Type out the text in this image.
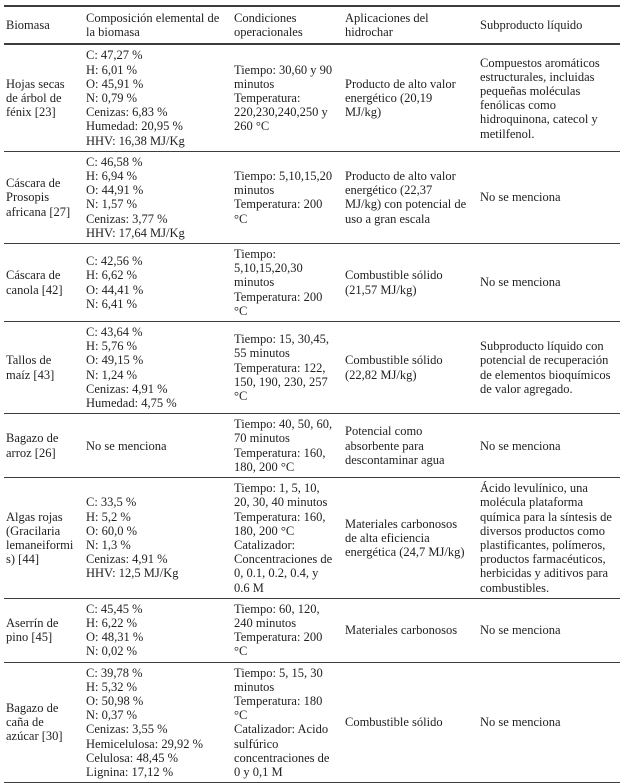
Biomasa	Composición elemental de la biomasa	Condiciones operacionales	Aplicaciones del hidrochar	Subproducto líquido
Hojas secas de árbol de fénix [23]	C: 47,27 %
H: 6,01 %
O: 45,91 %
N: 0,79 %
Cenizas: 6,83 %
Humedad: 20,95 %
HHV: 16,38 MJ/Kg	Tiempo: 30,60 y 90 minutos
Temperatura: 220,230,240,250 y 260 °C	Producto de alto valor energético (20,19 MJ/kg)	Compuestos aromáticos estructurales, incluidas pequeñas moléculas fenólicas como hidroquinona, catecol y metilfenol.
Cáscara de Prosopis africana [27]	C: 46,58 %
H: 6,94 %
O: 44,91 %
N: 1,57 %
Cenizas: 3,77 %
HHV: 17,64 MJ/Kg	Tiempo: 5,10,15,20 minutos
Temperatura: 200 °C	Producto de alto valor energético (22,37 MJ/kg) con potencial de uso a gran escala	No se menciona
Cáscara de canola [42]	C: 42,56 %
H: 6,62 %
O: 44,41 %
N: 6,41 %	Tiempo: 5,10,15,20,30 minutos
Temperatura: 200 °C	Combustible sólido (21,57 MJ/kg)	No se menciona
Tallos de maíz [43]	C: 43,64 %
H: 5,76 %
O: 49,15 %
N: 1,24 %
Cenizas: 4,91 %
Humedad: 4,75 %	Tiempo: 15, 30,45, 55 minutos
Temperatura: 122, 150, 190, 230, 257 °C	Combustible sólido (22,82 MJ/kg)	Subproducto líquido con potencial de recuperación de elementos bioquímicos de valor agregado.
Bagazo de arroz [26]	No se menciona	Tiempo: 40, 50, 60, 70 minutos
Temperatura: 160, 180, 200 °C	Potencial como absorbente para descontaminar agua	No se menciona
Algas rojas (Gracilaria lemaneiformis) [44]	C: 33,5 %
H: 5,2 %
O: 60,0 %
N: 1,3 %
Cenizas: 4,91 %
HHV: 12,5 MJ/Kg	Tiempo: 1, 5, 10, 20, 30, 40 minutos
Temperatura: 160, 180, 200 °C
Catalizador: Concentraciones de 0, 0.1, 0.2, 0.4, y 0.6 M	Materiales carbonosos de alta eficiencia energética (24,7 MJ/kg)	Ácido levulínico, una molécula plataforma química para la síntesis de diversos productos como plastificantes, polímeros, productos farmacéuticos, herbicidas y aditivos para combustibles.
Aserrín de pino [45]	C: 45,45 %
H: 6,22 %
O: 48,31 %
N: 0,02 %	Tiempo: 60, 120, 240 minutos
Temperatura: 200 °C	Materiales carbonosos	No se menciona
Bagazo de caña de azúcar [30]	C: 39,78 %
H: 5,32 %
O: 50,98 %
N: 0,37 %
Cenizas: 3,55 %
Hemicelulosa: 29,92 %
Celulosa: 48,45 %
Lignina: 17,12 %	Tiempo: 5, 15, 30 minutos
Temperatura: 180 °C
Catalizador: Acido sulfúrico concentraciones de 0 y 0,1 M	Combustible sólido	No se menciona
